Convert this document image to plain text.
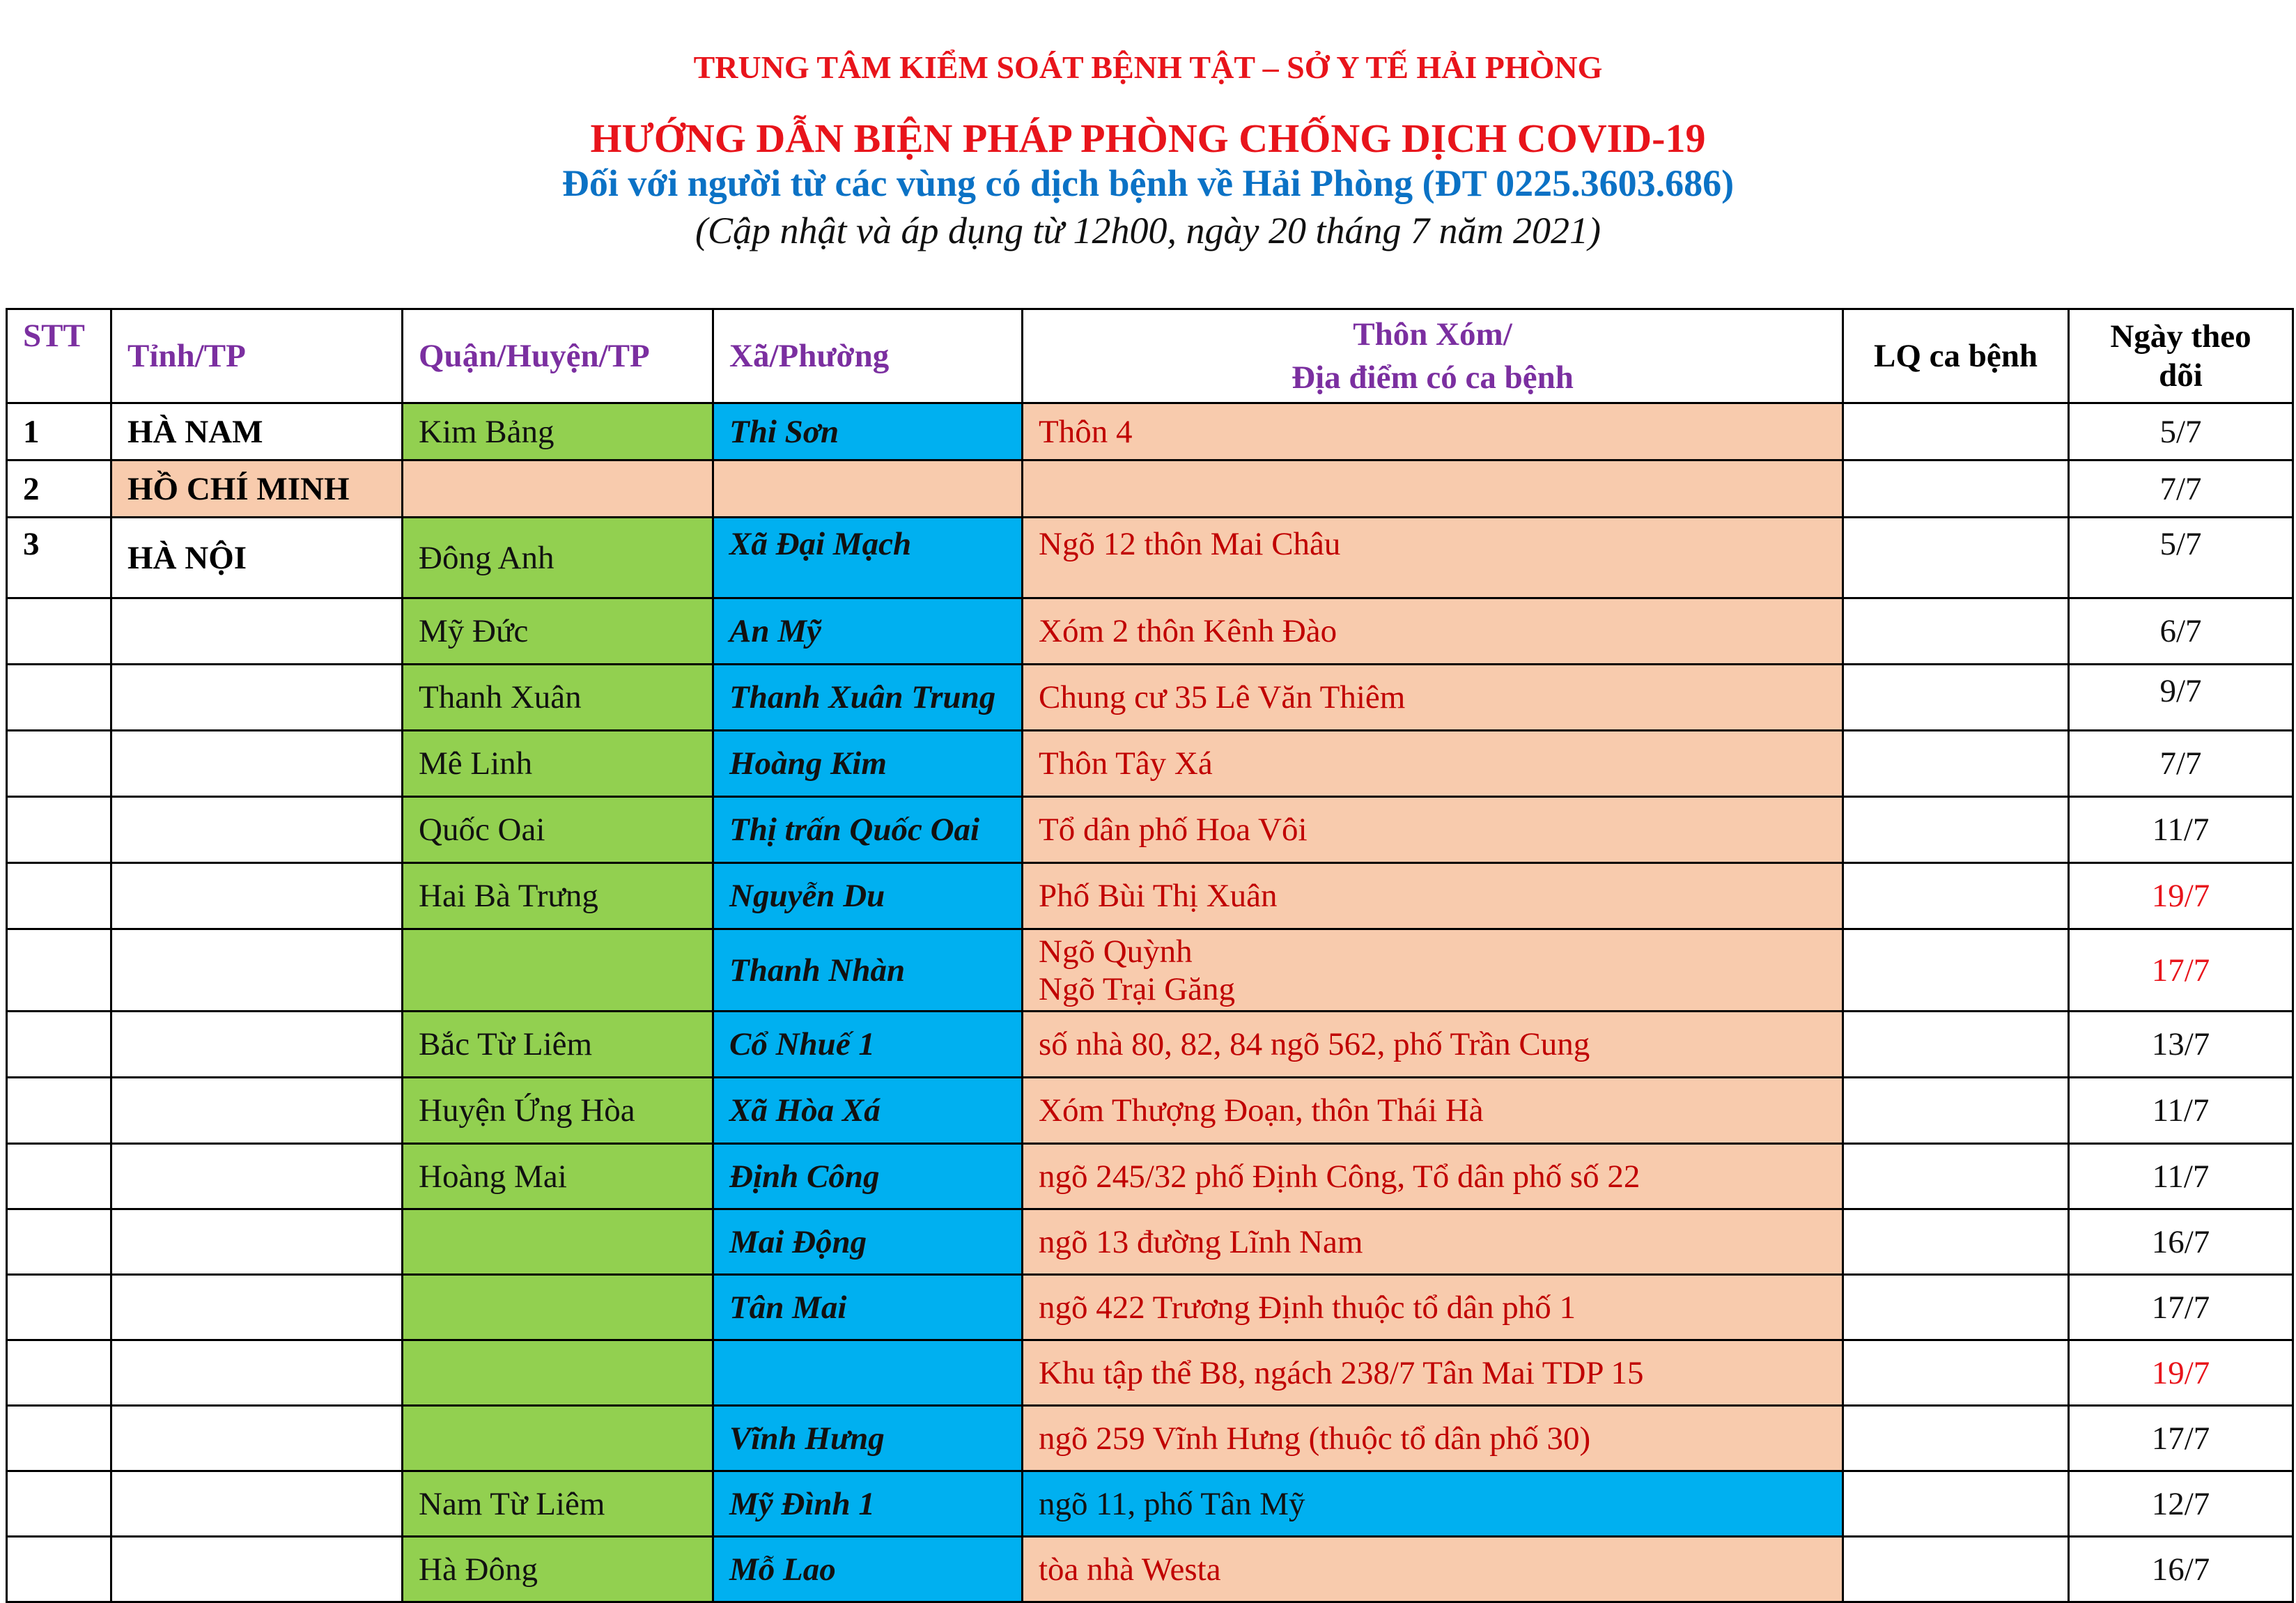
TRUNG TÂM KIỂM SOÁT BỆNH TẬT – SỞ Y TẾ HẢI PHÒNG
HƯỚNG DẪN BIỆN PHÁP PHÒNG CHỐNG DỊCH COVID-19
Đối với người từ các vùng có dịch bệnh về Hải Phòng (ĐT 0225.3603.686)
(Cập nhật và áp dụng từ 12h00, ngày 20 tháng 7 năm 2021)
STT	Tỉnh/TP	Quận/Huyện/TP	Xã/Phường	Thôn Xóm/
Địa điểm có ca bệnh	LQ ca bệnh	Ngày theo dõi
1	HÀ NAM	Kim Bảng	Thi Sơn	Thôn 4		5/7
2	HỒ CHÍ MINH					7/7
3	HÀ NỘI	Đông Anh	Xã Đại Mạch	Ngõ 12 thôn Mai Châu		5/7
		Mỹ Đức	An Mỹ	Xóm 2 thôn Kênh Đào		6/7
		Thanh Xuân	Thanh Xuân Trung	Chung cư 35 Lê Văn Thiêm		9/7
		Mê Linh	Hoàng Kim	Thôn Tây Xá		7/7
		Quốc Oai	Thị trấn Quốc Oai	Tổ dân phố Hoa Vôi		11/7
		Hai Bà Trưng	Nguyễn Du	Phố Bùi Thị Xuân		19/7
			Thanh Nhàn	Ngõ Quỳnh
Ngõ Trại Găng		17/7
		Bắc Từ Liêm	Cổ Nhuế 1	số nhà 80, 82, 84 ngõ 562, phố Trần Cung		13/7
		Huyện Ứng Hòa	Xã Hòa Xá	Xóm Thượng Đoạn, thôn Thái Hà		11/7
		Hoàng Mai	Định Công	ngõ 245/32 phố Định Công, Tổ dân phố số 22		11/7
			Mai Động	ngõ 13 đường Lĩnh Nam		16/7
			Tân Mai	ngõ 422 Trương Định thuộc tổ dân phố 1		17/7
				Khu tập thể B8, ngách 238/7 Tân Mai TDP 15		19/7
			Vĩnh Hưng	ngõ 259 Vĩnh Hưng (thuộc tổ dân phố 30)		17/7
		Nam Từ Liêm	Mỹ Đình 1	ngõ 11, phố Tân Mỹ		12/7
		Hà Đông	Mỗ Lao	tòa nhà Westa		16/7
